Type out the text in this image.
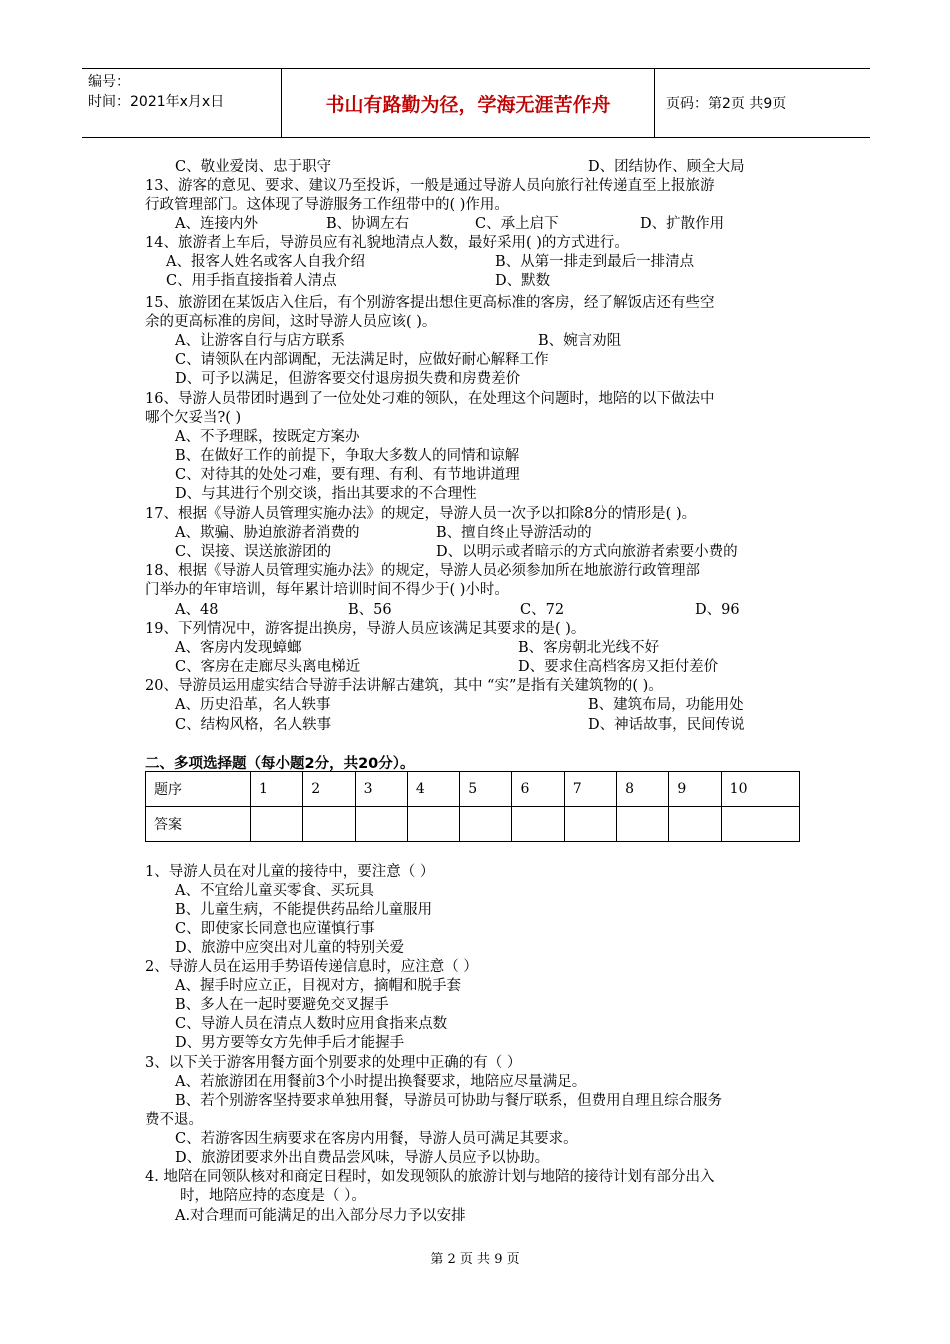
编号：
时间：2021年x月x日	书山有路勤为径，学海无涯苦作舟	页码：第2页 共9页
C、敬业爱岗、忠于职守	D、团结协作、顾全大局
13、游客的意见、要求、建议乃至投诉，一般是通过导游人员向旅行社传递直至上报旅游
行政管理部门。这体现了导游服务工作纽带中的( )作用。
A、连接内外	B、协调左右	C、承上启下	D、扩散作用
14、旅游者上车后，导游员应有礼貌地清点人数，最好采用( )的方式进行。
A、报客人姓名或客人自我介绍	B、从第一排走到最后一排清点
C、用手指直接指着人清点	D、默数
15、旅游团在某饭店入住后，有个别游客提出想住更高标准的客房，经了解饭店还有些空
余的更高标准的房间，这时导游人员应该( )。
A、让游客自行与店方联系	B、婉言劝阻
C、请领队在内部调配，无法满足时，应做好耐心解释工作
D、可予以满足，但游客要交付退房损失费和房费差价
16、导游人员带团时遇到了一位处处刁难的领队，在处理这个问题时，地陪的以下做法中
哪个欠妥当?( )
A、不予理睬，按既定方案办
B、在做好工作的前提下，争取大多数人的同情和谅解
C、对待其的处处刁难，要有理、有利、有节地讲道理
D、与其进行个别交谈，指出其要求的不合理性
17、根据《导游人员管理实施办法》的规定，导游人员一次予以扣除8分的情形是( )。
A、欺骗、胁迫旅游者消费的	B、擅自终止导游活动的
C、误接、误送旅游团的	D、以明示或者暗示的方式向旅游者索要小费的
18、根据《导游人员管理实施办法》的规定，导游人员必须参加所在地旅游行政管理部
门举办的年审培训，每年累计培训时间不得少于( )小时。
A、48	B、56	C、72	D、96
19、下列情况中，游客提出换房，导游人员应该满足其要求的是( )。
A、客房内发现蟑螂	B、客房朝北光线不好
C、客房在走廊尽头离电梯近	D、要求住高档客房又拒付差价
20、导游员运用虚实结合导游手法讲解古建筑，其中 “实”是指有关建筑物的( )。
A、历史沿革，名人轶事	B、建筑布局，功能用处
C、结构风格，名人轶事	D、神话故事，民间传说
1、导游人员在对儿童的接待中，要注意（ ）
A、不宜给儿童买零食、买玩具
B、儿童生病，不能提供药品给儿童服用
C、即使家长同意也应谨慎行事
D、旅游中应突出对儿童的特别关爱
2、导游人员在运用手势语传递信息时，应注意（ ）
A、握手时应立正，目视对方，摘帽和脱手套
B、多人在一起时要避免交叉握手
C、导游人员在清点人数时应用食指来点数
D、男方要等女方先伸手后才能握手
3、以下关于游客用餐方面个别要求的处理中正确的有（ ）
A、若旅游团在用餐前3个小时提出换餐要求，地陪应尽量满足。
B、若个别游客坚持要求单独用餐，导游员可协助与餐厅联系，但费用自理且综合服务
费不退。
C、若游客因生病要求在客房内用餐，导游人员可满足其要求。
D、旅游团要求外出自费品尝风味，导游人员应予以协助。
4. 地陪在同领队核对和商定日程时，如发现领队的旅游计划与地陪的接待计划有部分出入
时，地陪应持的态度是（ ）。
A.对合理而可能满足的出入部分尽力予以安排
二、多项选择题（每小题2分，共20分）。
题序	1	2	3	4	5	6	7	8	9	10
答案										
第 2 页 共 9 页
